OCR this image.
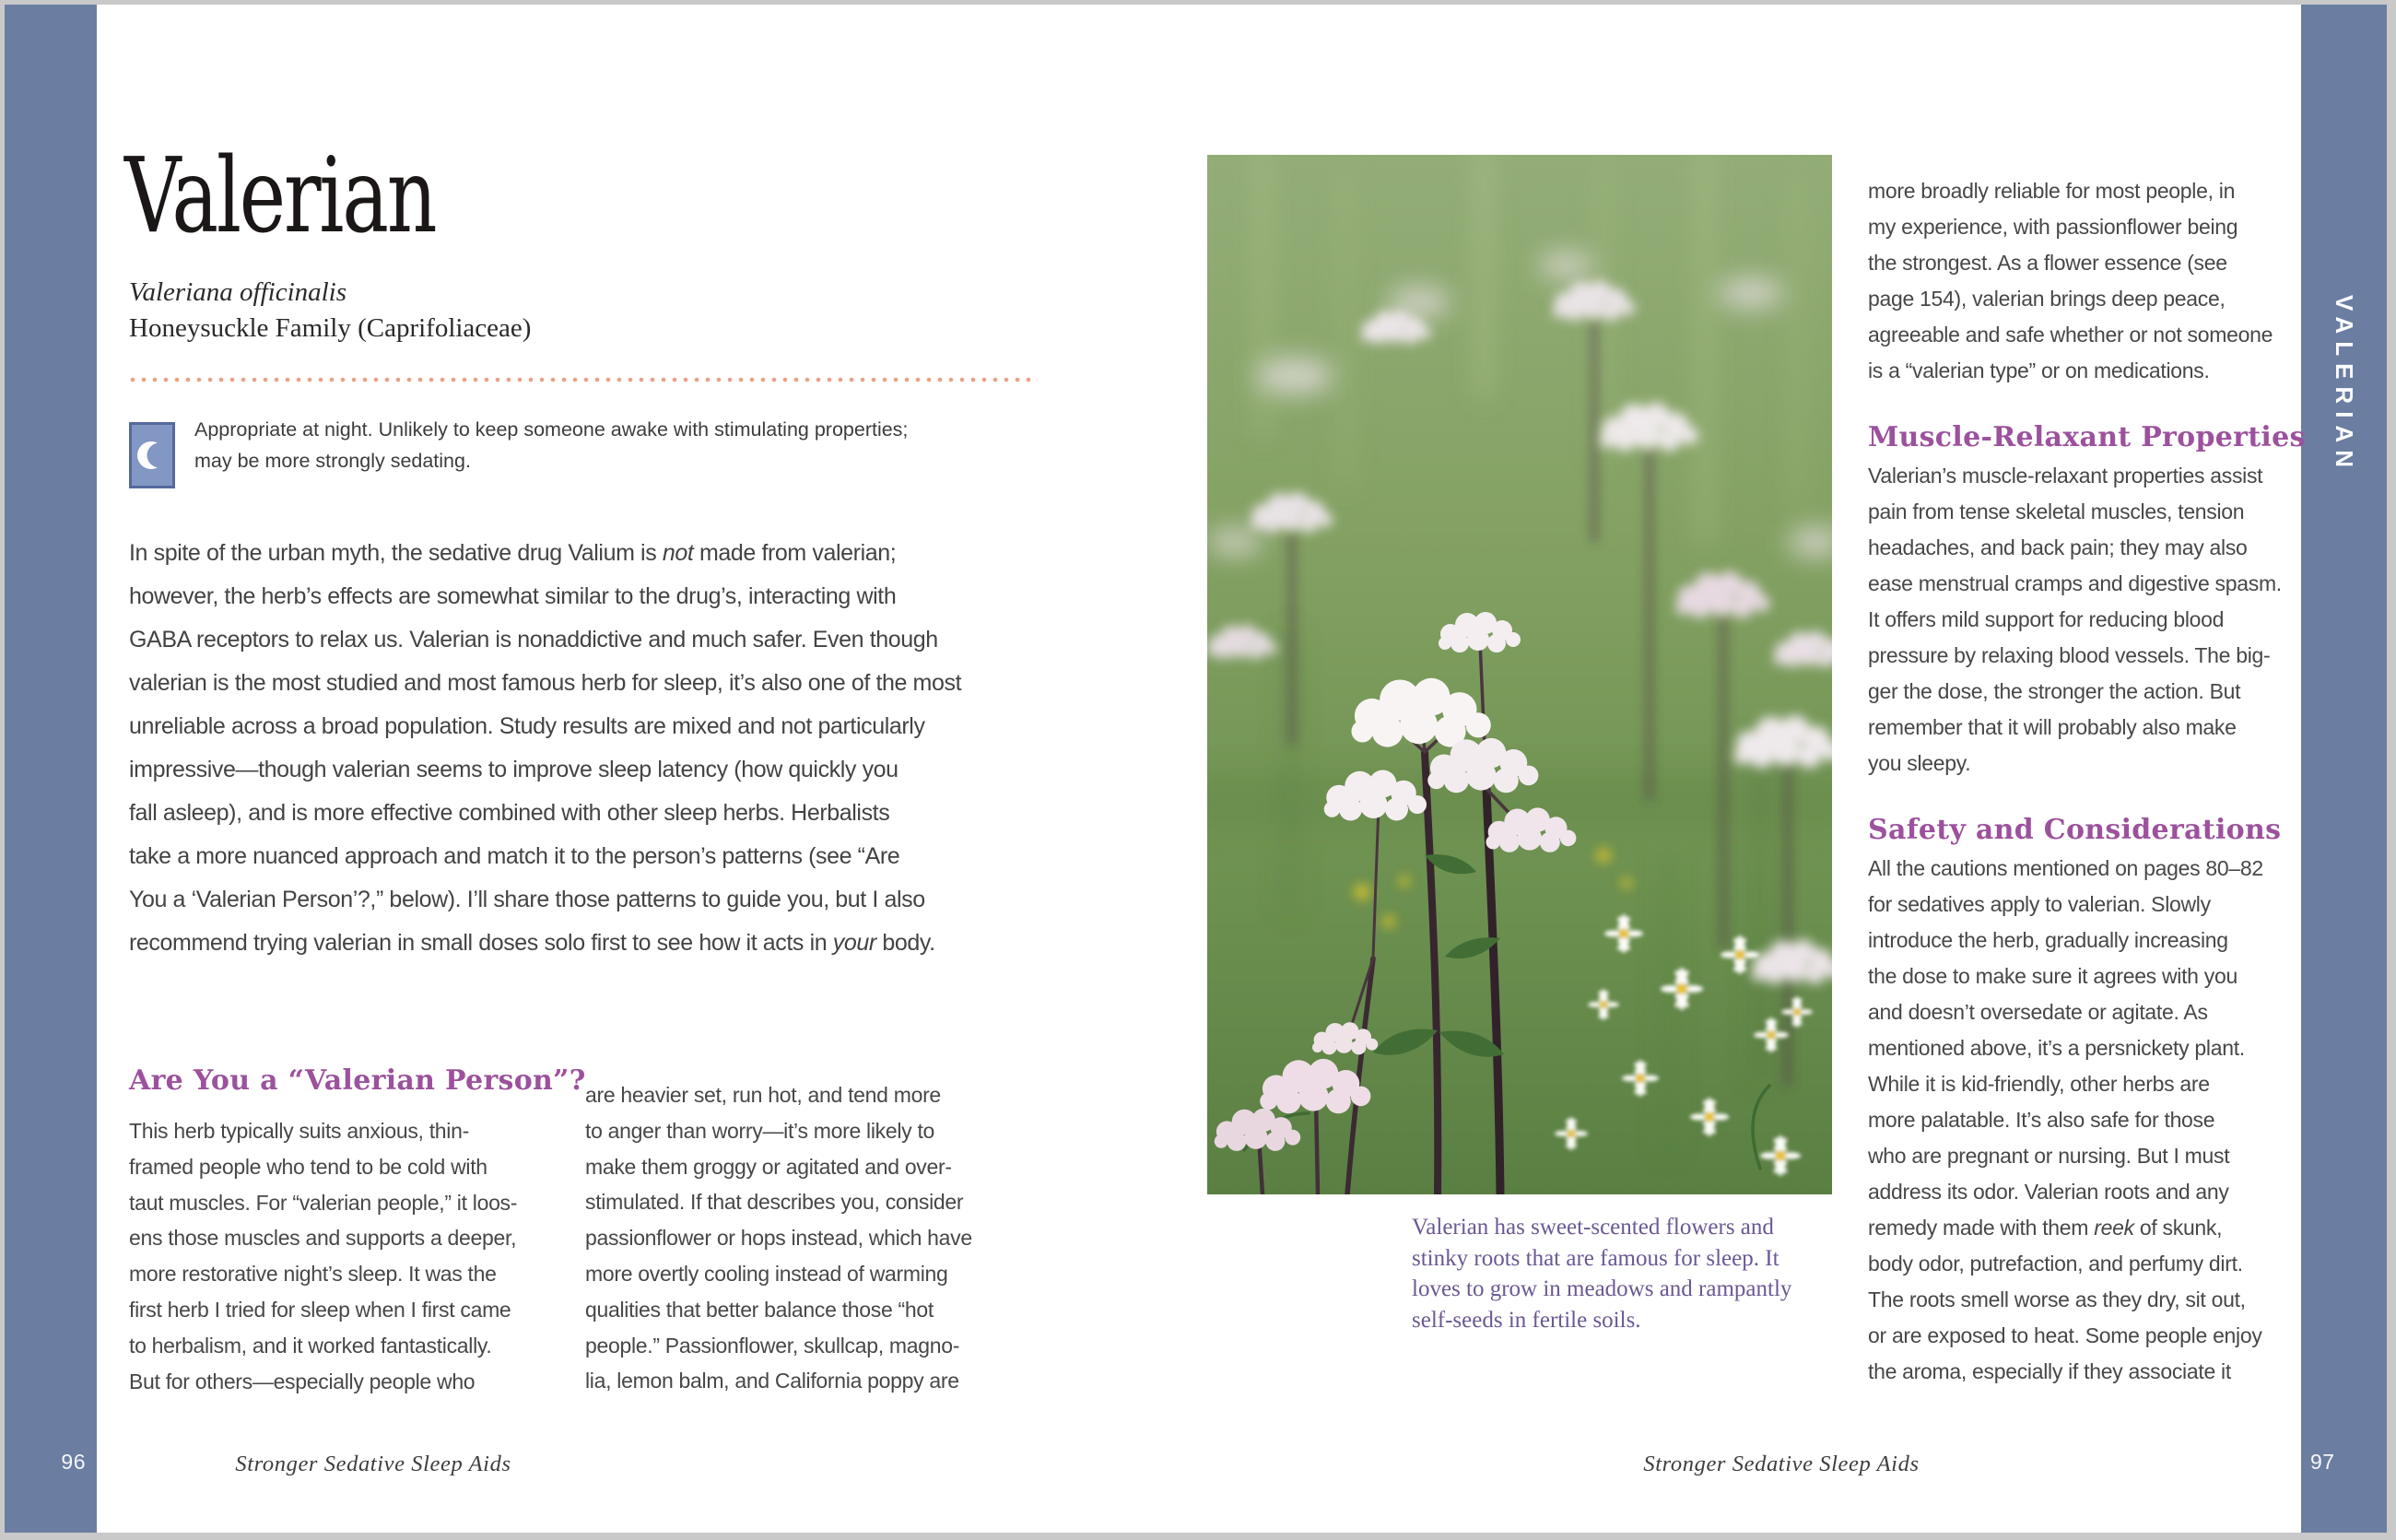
96	97
VALERIAN
Valerian
Valeriana officinalis
Honeysuckle Family (Caprifoliaceae)
Appropriate at night. Unlikely to keep someone awake with stimulating properties;
may be more strongly sedating.
In spite of the urban myth, the sedative drug Valium is not made from valerian;
however, the herb’s effects are somewhat similar to the drug’s, interacting with
GABA receptors to relax us. Valerian is nonaddictive and much safer. Even though
valerian is the most studied and most famous herb for sleep, it’s also one of the most
unreliable across a broad population. Study results are mixed and not particularly
impressive—though valerian seems to improve sleep latency (how quickly you
fall asleep), and is more effective combined with other sleep herbs. Herbalists
take a more nuanced approach and match it to the person’s patterns (see “Are
You a ‘Valerian Person’?,” below). I’ll share those patterns to guide you, but I also
recommend trying valerian in small doses solo first to see how it acts in your body.
Are You a “Valerian Person”?
This herb typically suits anxious, thin-
framed people who tend to be cold with
taut muscles. For “valerian people,” it loos-
ens those muscles and supports a deeper,
more restorative night’s sleep. It was the
first herb I tried for sleep when I first came
to herbalism, and it worked fantastically.
But for others—especially people who
are heavier set, run hot, and tend more
to anger than worry—it’s more likely to
make them groggy or agitated and over-
stimulated. If that describes you, consider
passionflower or hops instead, which have
more overtly cooling instead of warming
qualities that better balance those “hot
people.” Passionflower, skullcap, magno-
lia, lemon balm, and California poppy are
Stronger Sedative Sleep Aids
Valerian has sweet-scented flowers and
stinky roots that are famous for sleep. It
loves to grow in meadows and rampantly
self-seeds in fertile soils.
more broadly reliable for most people, in
my experience, with passionflower being
the strongest. As a flower essence (see
page 154), valerian brings deep peace,
agreeable and safe whether or not someone
is a “valerian type” or on medications.
Muscle-Relaxant Properties
Valerian’s muscle-relaxant properties assist
pain from tense skeletal muscles, tension
headaches, and back pain; they may also
ease menstrual cramps and digestive spasm.
It offers mild support for reducing blood
pressure by relaxing blood vessels. The big-
ger the dose, the stronger the action. But
remember that it will probably also make
you sleepy.
Safety and Considerations
All the cautions mentioned on pages 80–82
for sedatives apply to valerian. Slowly
introduce the herb, gradually increasing
the dose to make sure it agrees with you
and doesn’t oversedate or agitate. As
mentioned above, it’s a persnickety plant.
While it is kid-friendly, other herbs are
more palatable. It’s also safe for those
who are pregnant or nursing. But I must
address its odor. Valerian roots and any
remedy made with them reek of skunk,
body odor, putrefaction, and perfumy dirt.
The roots smell worse as they dry, sit out,
or are exposed to heat. Some people enjoy
the aroma, especially if they associate it
Stronger Sedative Sleep Aids
